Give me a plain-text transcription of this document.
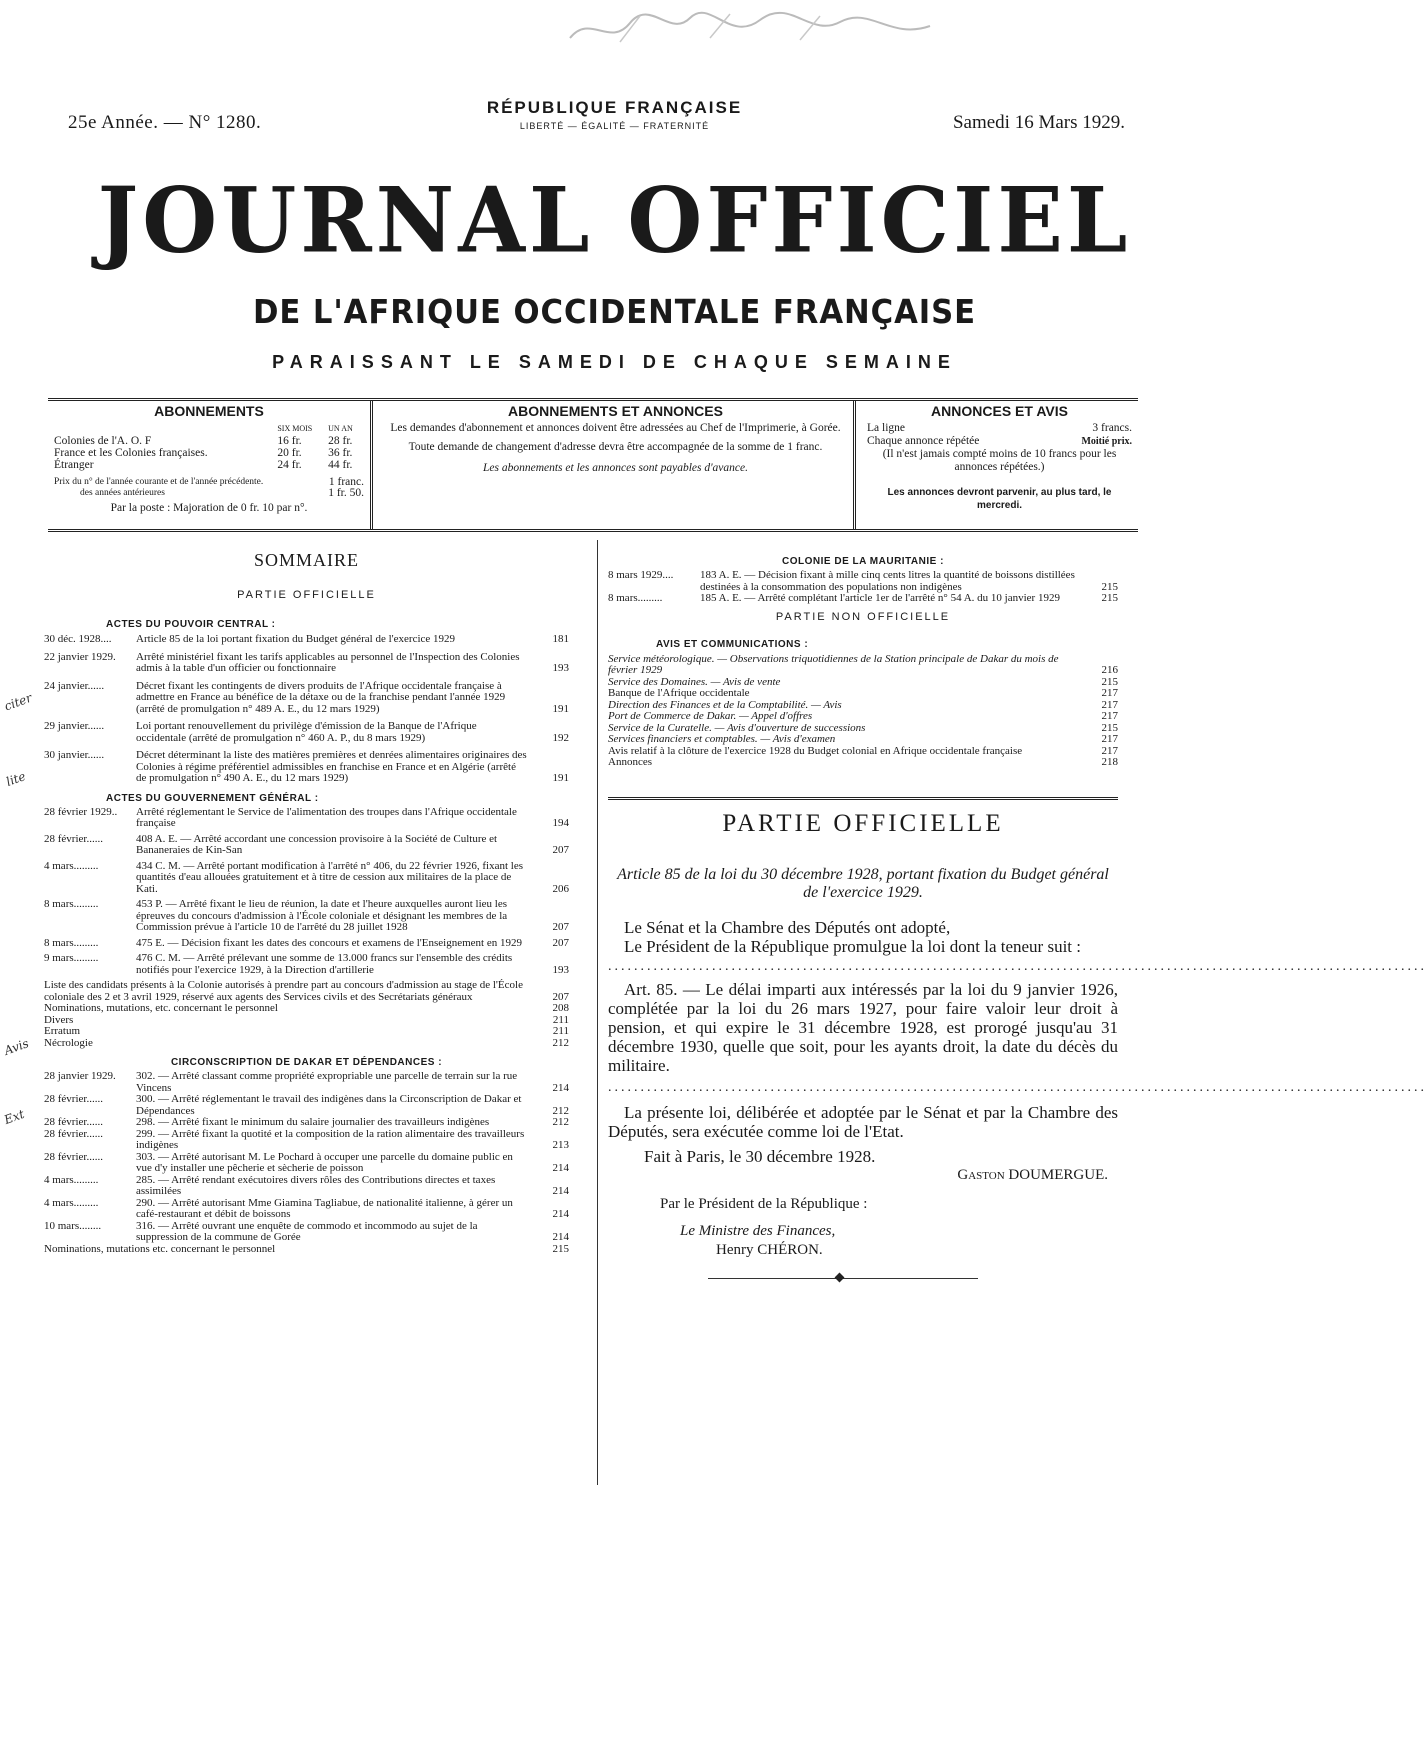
25e Année. — N° 1280.
RÉPUBLIQUE FRANÇAISE
LIBERTÉ — ÉGALITÉ — FRATERNITÉ	Samedi 16 Mars 1929.
JOURNAL OFFICIEL
DE L'AFRIQUE OCCIDENTALE FRANÇAISE
PARAISSANT LE SAMEDI DE CHAQUE SEMAINE
ABONNEMENTS
	SIX MOIS	UN AN
Colonies de l'A. O. F	16 fr.	28 fr.
France et les Colonies françaises.	20 fr.	36 fr.
Étranger	24 fr.	44 fr.
Prix du n° de l'année courante et de l'année précédente.	1 franc.
des années antérieures	1 fr. 50.
Par la poste : Majoration de 0 fr. 10 par n°.
ABONNEMENTS ET ANNONCES
Les demandes d'abonnement et annonces doivent être adressées au Chef de l'Imprimerie, à Gorée.
Toute demande de changement d'adresse devra être accompagnée de la somme de 1 franc.
Les abonnements et les annonces sont payables d'avance.
ANNONCES ET AVIS
La ligne	3 francs.
Chaque annonce répétée	Moitié prix.
(Il n'est jamais compté moins de 10 francs pour les annonces répétées.)
Les annonces devront parvenir, au plus tard, le mercredi.
SOMMAIRE
PARTIE OFFICIELLE
ACTES DU POUVOIR CENTRAL :
30 déc. 1928....	Article 85 de la loi portant fixation du Budget général de l'exercice 1929	181

22 janvier 1929.	Arrêté ministériel fixant les tarifs applicables au personnel de l'Inspection des Colonies admis à la table d'un officier ou fonctionnaire	193

24 janvier......	Décret fixant les contingents de divers produits de l'Afrique occidentale française à admettre en France au bénéfice de la détaxe ou de la franchise pendant l'année 1929 (arrêté de promulgation n° 489 A. E., du 12 mars 1929)	191

29 janvier......	Loi portant renouvellement du privilège d'émission de la Banque de l'Afrique occidentale (arrêté de promulgation n° 460 A. P., du 8 mars 1929)	192

30 janvier......	Décret déterminant la liste des matières premières et denrées alimentaires originaires des Colonies à régime préférentiel admissibles en franchise en France et en Algérie (arrêté de promulgation n° 490 A. E., du 12 mars 1929)	191
ACTES DU GOUVERNEMENT GÉNÉRAL :
28 février 1929..	Arrêté réglementant le Service de l'alimentation des troupes dans l'Afrique occidentale française	194

28 février......	408 A. E. — Arrêté accordant une concession provisoire à la Société de Culture et Bananeraies de Kin-San	207

4 mars.........	434 C. M. — Arrêté portant modification à l'arrêté n° 406, du 22 février 1926, fixant les quantités d'eau allouées gratuitement et à titre de cession aux militaires de la place de Kati.	206

8 mars.........	453 P. — Arrêté fixant le lieu de réunion, la date et l'heure auxquelles auront lieu les épreuves du concours d'admission à l'École coloniale et désignant les membres de la Commission prévue à l'article 10 de l'arrêté du 28 juillet 1928	207

8 mars.........	475 E. — Décision fixant les dates des concours et examens de l'Enseignement en 1929	207

9 mars.........	476 C. M. — Arrêté prélevant une somme de 13.000 francs sur l'ensemble des crédits notifiés pour l'exercice 1929, à la Direction d'artillerie	193
Liste des candidats présents à la Colonie autorisés à prendre part au concours d'admission au stage de l'École coloniale des 2 et 3 avril 1929, réservé aux agents des Services civils et des Secrétariats généraux	207
Nominations, mutations, etc. concernant le personnel	208
Divers	211
Erratum	211
Nécrologie	212
CIRCONSCRIPTION DE DAKAR ET DÉPENDANCES :
28 janvier 1929.	302. — Arrêté classant comme propriété expropriable une parcelle de terrain sur la rue Vincens	214
28 février......	300. — Arrêté réglementant le travail des indigènes dans la Circonscription de Dakar et Dépendances	212
28 février......	298. — Arrêté fixant le minimum du salaire journalier des travailleurs indigènes	212
28 février......	299. — Arrêté fixant la quotité et la composition de la ration alimentaire des travailleurs indigènes	213
28 février......	303. — Arrêté autorisant M. Le Pochard à occuper une parcelle du domaine public en vue d'y installer une pêcherie et sècherie de poisson	214
4 mars.........	285. — Arrêté rendant exécutoires divers rôles des Contributions directes et taxes assimilées	214
4 mars.........	290. — Arrêté autorisant Mme Giamina Tagliabue, de nationalité italienne, à gérer un café-restaurant et débit de boissons	214
10 mars........	316. — Arrêté ouvrant une enquête de commodo et incommodo au sujet de la suppression de la commune de Gorée	214
Nominations, mutations etc. concernant le personnel	215
citer
lite
Avis
Ext
COLONIE DE LA MAURITANIE :
8 mars 1929....	183 A. E. — Décision fixant à mille cinq cents litres la quantité de boissons distillées destinées à la consommation des populations non indigènes	215
8 mars.........	185 A. E. — Arrêté complétant l'article 1er de l'arrêté n° 54 A. du 10 janvier 1929	215
PARTIE NON OFFICIELLE
AVIS ET COMMUNICATIONS :
Service météorologique. — Observations triquotidiennes de la Station principale de Dakar du mois de février 1929	216
Service des Domaines. — Avis de vente	215
Banque de l'Afrique occidentale	217
Direction des Finances et de la Comptabilité. — Avis	217
Port de Commerce de Dakar. — Appel d'offres	217
Service de la Curatelle. — Avis d'ouverture de successions	215
Services financiers et comptables. — Avis d'examen	217
Avis relatif à la clôture de l'exercice 1928 du Budget colonial en Afrique occidentale française	217
Annonces	218
PARTIE OFFICIELLE
Article 85 de la loi du 30 décembre 1928, portant fixation du Budget général de l'exercice 1929.

Le Sénat et la Chambre des Députés ont adopté,

Le Président de la République promulgue la loi dont la teneur suit :

..............................................................................................................................

Art. 85. — Le délai imparti aux intéressés par la loi du 9 janvier 1926, complétée par la loi du 26 mars 1927, pour faire valoir leur droit à pension, et qui expire le 31 décembre 1928, est prorogé jusqu'au 31 décembre 1930, quelle que soit, pour les ayants droit, la date du décès du militaire.

..............................................................................................................................

La présente loi, délibérée et adoptée par le Sénat et par la Chambre des Députés, sera exécutée comme loi de l'Etat.

Fait à Paris, le 30 décembre 1928.

Gaston DOUMERGUE.

Par le Président de la République :

Le Ministre des Finances,

Henry CHÉRON.
